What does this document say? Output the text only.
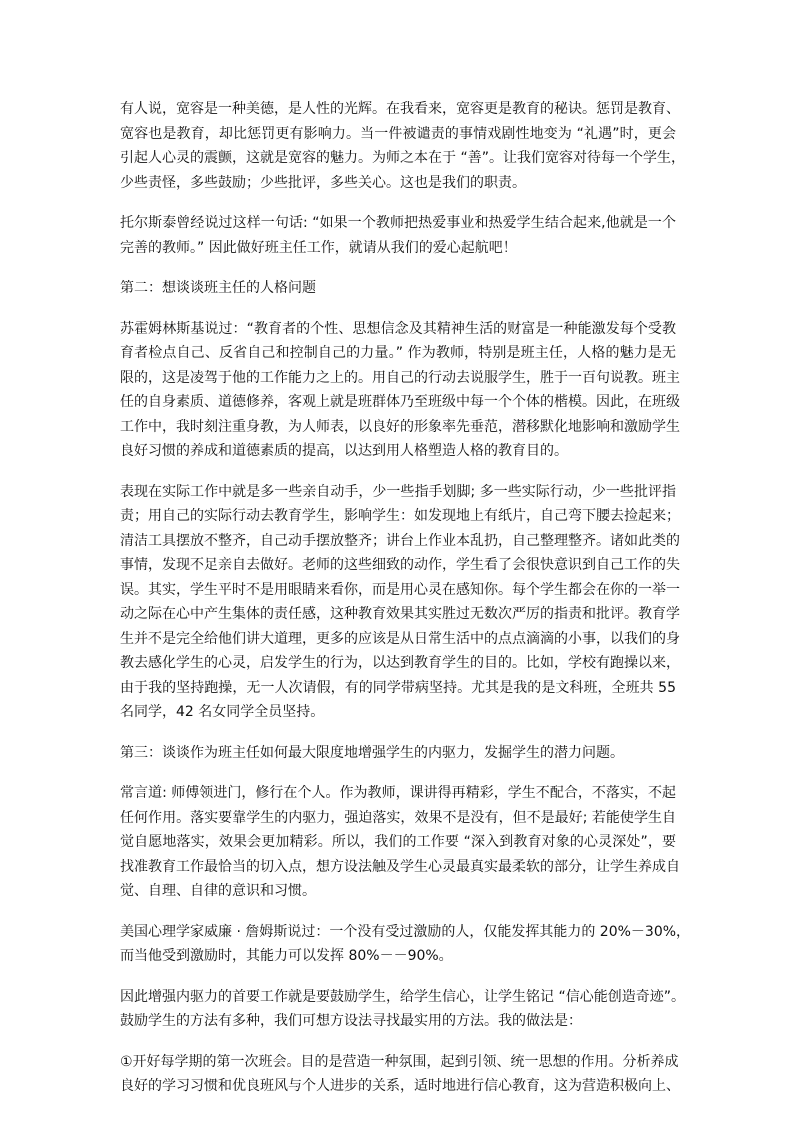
有人说，宽容是一种美德，是人性的光辉。在我看来，宽容更是教育的秘诀。惩罚是教育、
宽容也是教育，却比惩罚更有影响力。当一件被谴责的事情戏剧性地变为 “礼遇”时，更会
引起人心灵的震颤，这就是宽容的魅力。为师之本在于 “善”。让我们宽容对待每一个学生，
少些责怪，多些鼓励；少些批评，多些关心。这也是我们的职责。

托尔斯泰曾经说过这样一句话: “如果一个教师把热爱事业和热爱学生结合起来,他就是一个
完善的教师。” 因此做好班主任工作，就请从我们的爱心起航吧！

第二：想谈谈班主任的人格问题

苏霍姆林斯基说过：“教育者的个性、思想信念及其精神生活的财富是一种能激发每个受教
育者检点自己、反省自己和控制自己的力量。” 作为教师，特别是班主任，人格的魅力是无
限的，这是凌驾于他的工作能力之上的。用自己的行动去说服学生，胜于一百句说教。班主
任的自身素质、道德修养，客观上就是班群体乃至班级中每一个个体的楷模。因此，在班级
工作中，我时刻注重身教，为人师表，以良好的形象率先垂范，潜移默化地影响和激励学生
良好习惯的养成和道德素质的提高，以达到用人格塑造人格的教育目的。

表现在实际工作中就是多一些亲自动手，少一些指手划脚; 多一些实际行动，少一些批评指
责；用自己的实际行动去教育学生，影响学生：如发现地上有纸片，自己弯下腰去捡起来；
清洁工具摆放不整齐，自己动手摆放整齐；讲台上作业本乱扔，自己整理整齐。诸如此类的
事情，发现不足亲自去做好。老师的这些细致的动作，学生看了会很快意识到自己工作的失
误。其实，学生平时不是用眼睛来看你，而是用心灵在感知你。每个学生都会在你的一举一
动之际在心中产生集体的责任感，这种教育效果其实胜过无数次严厉的指责和批评。教育学
生并不是完全给他们讲大道理，更多的应该是从日常生活中的点点滴滴的小事，以我们的身
教去感化学生的心灵，启发学生的行为，以达到教育学生的目的。比如，学校有跑操以来，
由于我的坚持跑操，无一人次请假，有的同学带病坚持。尤其是我的是文科班，全班共 55
名同学，42 名女同学全员坚持。

第三：谈谈作为班主任如何最大限度地增强学生的内驱力，发掘学生的潜力问题。

常言道: 师傅领进门，修行在个人。作为教师，课讲得再精彩，学生不配合，不落实，不起
任何作用。落实要靠学生的内驱力，强迫落实，效果不是没有，但不是最好; 若能使学生自
觉自愿地落实，效果会更加精彩。所以，我们的工作要 “深入到教育对象的心灵深处”，要
找准教育工作最恰当的切入点，想方设法触及学生心灵最真实最柔软的部分，让学生养成自
觉、自理、自律的意识和习惯。

美国心理学家威廉 · 詹姆斯说过：一个没有受过激励的人，仅能发挥其能力的 20%－30%，
而当他受到激励时，其能力可以发挥 80%－－90%。

因此增强内驱力的首要工作就是要鼓励学生，给学生信心，让学生铭记 “信心能创造奇迹”。
鼓励学生的方法有多种，我们可想方设法寻找最实用的方法。我的做法是：

①开好每学期的第一次班会。目的是营造一种氛围，起到引领、统一思想的作用。分析养成
良好的学习习惯和优良班风与个人进步的关系，适时地进行信心教育，这为营造积极向上、
